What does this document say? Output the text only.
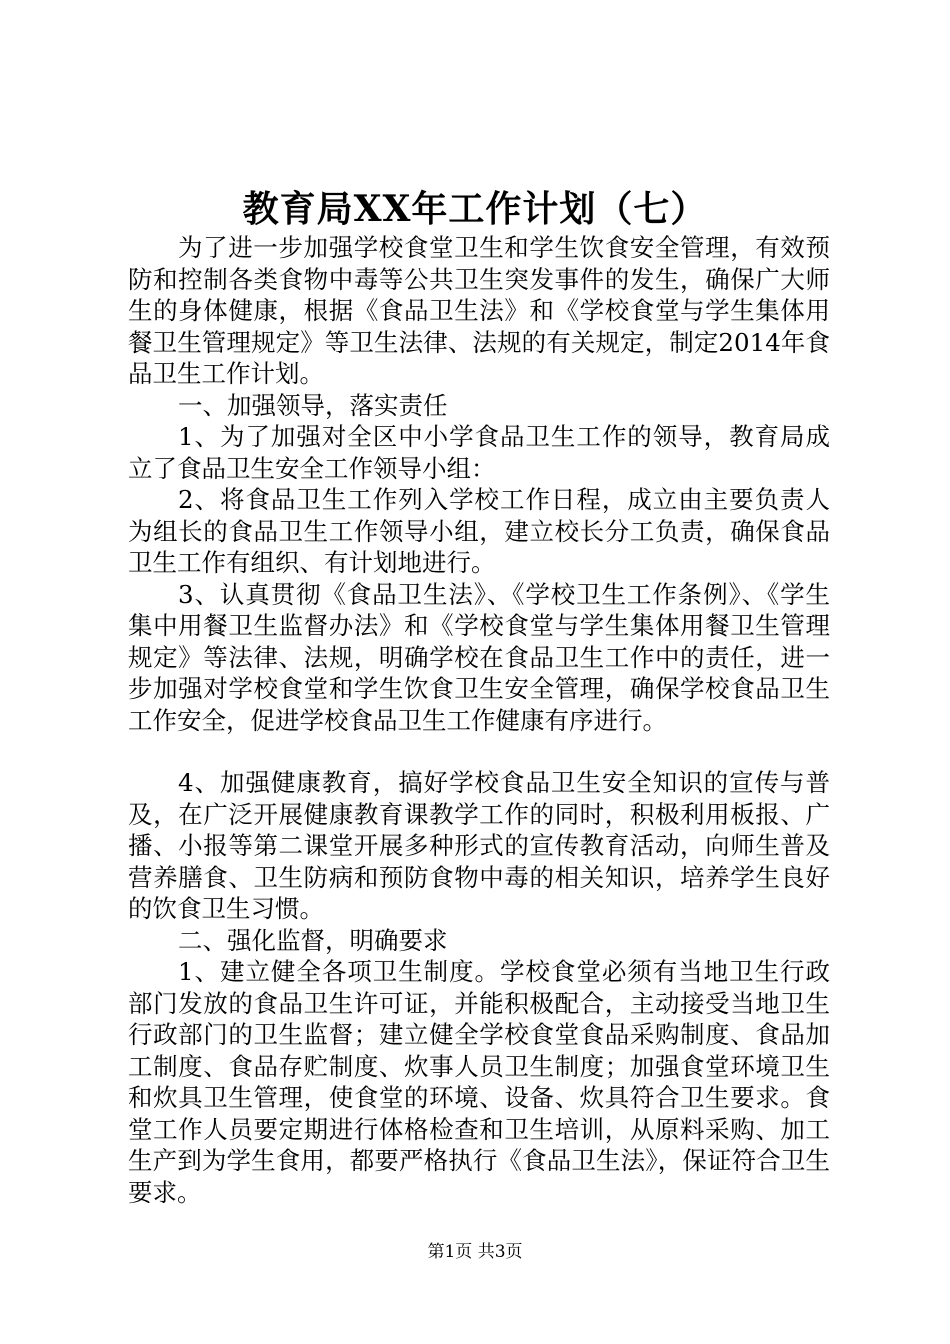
教育局XX年工作计划（七）

为了进一步加强学校食堂卫生和学生饮食安全管理，有效预防和控制各类食物中毒等公共卫生突发事件的发生，确保广大师生的身体健康，根据《食品卫生法》和《学校食堂与学生集体用餐卫生管理规定》等卫生法律、法规的有关规定，制定2014年食品卫生工作计划。

一、加强领导，落实责任

1、为了加强对全区中小学食品卫生工作的领导，教育局成立了食品卫生安全工作领导小组：

2、将食品卫生工作列入学校工作日程，成立由主要负责人为组长的食品卫生工作领导小组，建立校长分工负责，确保食品卫生工作有组织、有计划地进行。

3、认真贯彻《食品卫生法》、《学校卫生工作条例》、《学生集中用餐卫生监督办法》和《学校食堂与学生集体用餐卫生管理规定》等法律、法规，明确学校在食品卫生工作中的责任，进一步加强对学校食堂和学生饮食卫生安全管理，确保学校食品卫生工作安全，促进学校食品卫生工作健康有序进行。

4、加强健康教育，搞好学校食品卫生安全知识的宣传与普及，在广泛开展健康教育课教学工作的同时，积极利用板报、广播、小报等第二课堂开展多种形式的宣传教育活动，向师生普及营养膳食、卫生防病和预防食物中毒的相关知识，培养学生良好的饮食卫生习惯。

二、强化监督，明确要求

1、建立健全各项卫生制度。学校食堂必须有当地卫生行政部门发放的食品卫生许可证，并能积极配合，主动接受当地卫生行政部门的卫生监督；建立健全学校食堂食品采购制度、食品加工制度、食品存贮制度、炊事人员卫生制度；加强食堂环境卫生和炊具卫生管理，使食堂的环境、设备、炊具符合卫生要求。食堂工作人员要定期进行体格检查和卫生培训，从原料采购、加工生产到为学生食用，都要严格执行《食品卫生法》，保证符合卫生要求。

第1页 共3页
